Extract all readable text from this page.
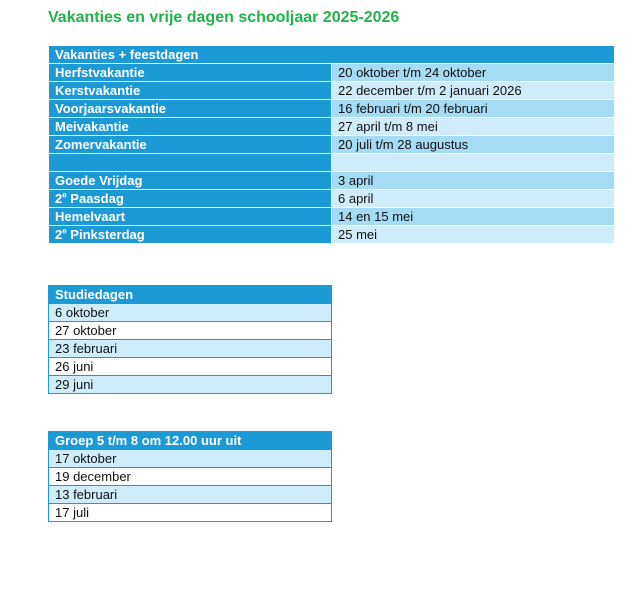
Vakanties en vrije dagen schooljaar 2025-2026
Vakanties + feestdagen	
Herfstvakantie	20 oktober t/m 24 oktober
Kerstvakantie	22 december t/m 2 januari 2026
Voorjaarsvakantie	16 februari t/m 20 februari
Meivakantie	27 april t/m 8 mei
Zomervakantie	20 juli t/m 28 augustus

Goede Vrijdag	3 april
2e Paasdag	6 april
Hemelvaart	14 en 15 mei
2e Pinksterdag	25 mei
Studiedagen
6 oktober
27 oktober
23 februari
26 juni
29 juni
Groep 5 t/m 8 om 12.00 uur uit
17 oktober
19 december
13 februari
17 juli
